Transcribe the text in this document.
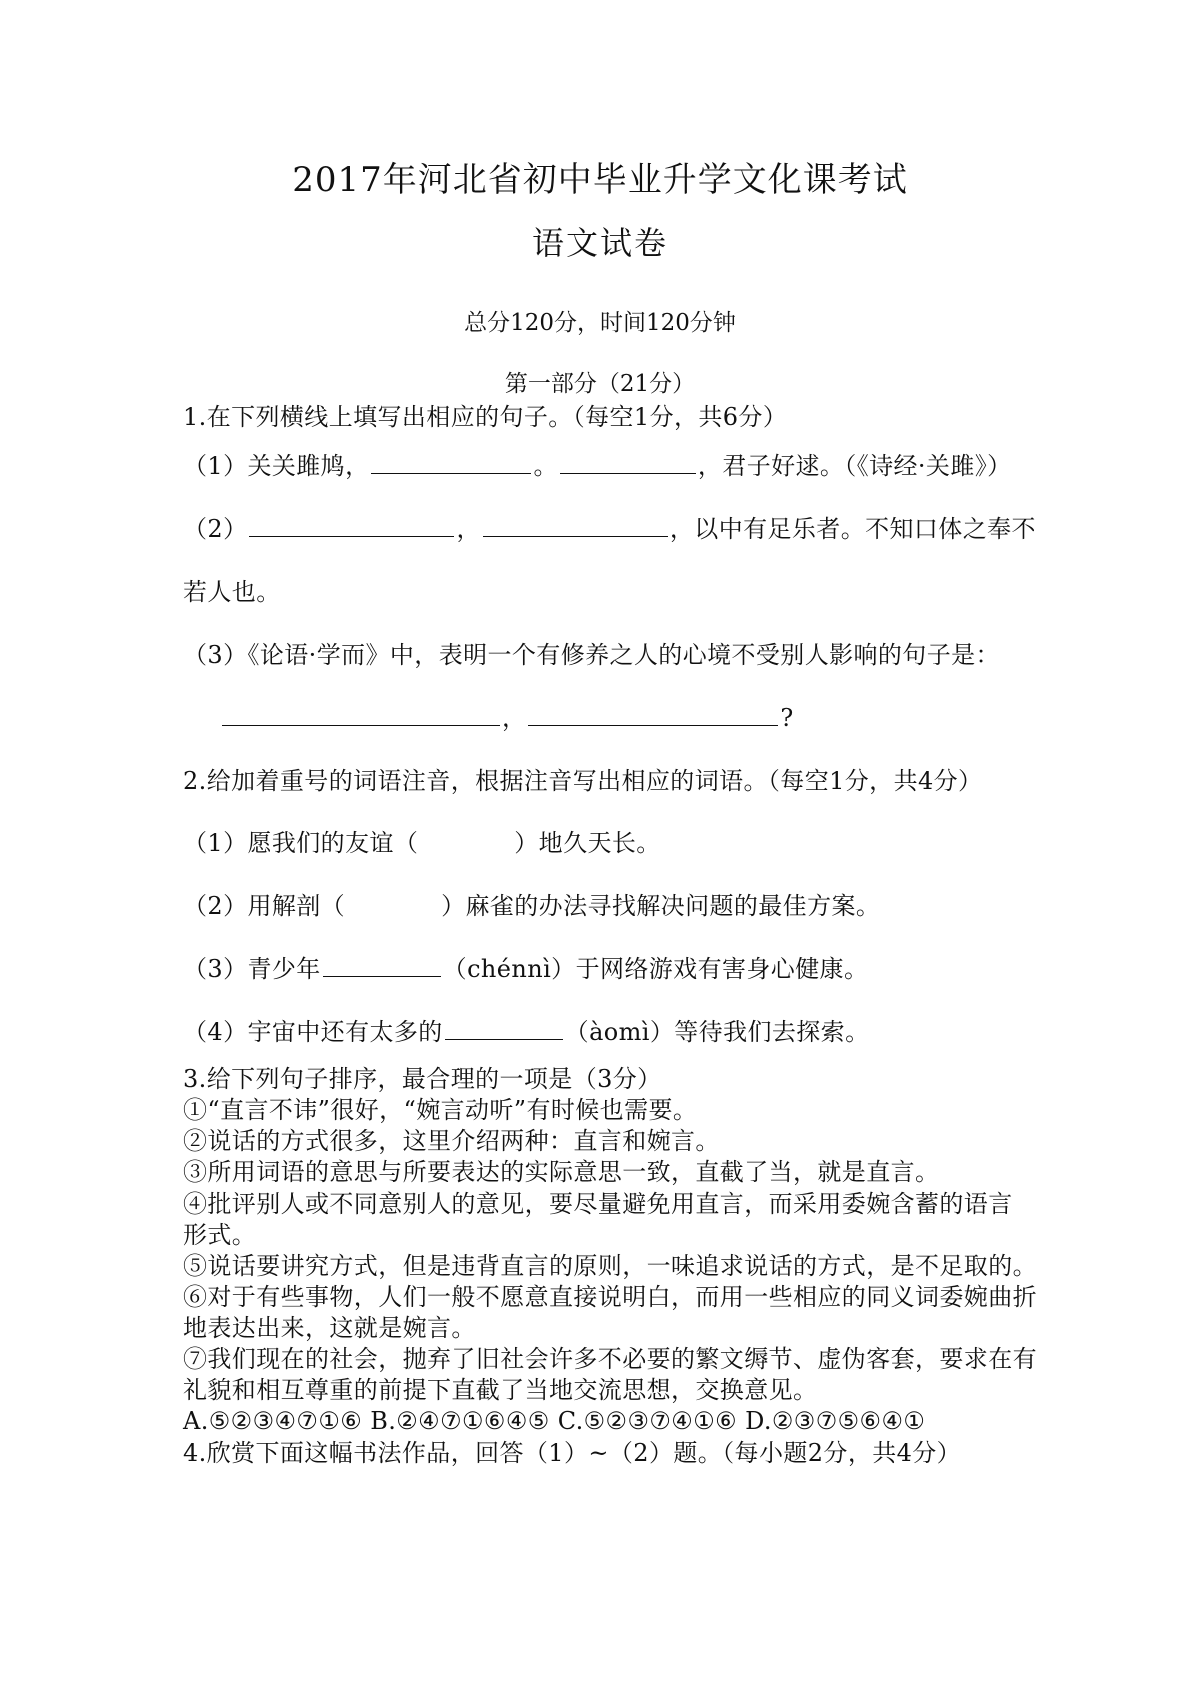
2017年河北省初中毕业升学文化课考试
语文试卷
总分120分，时间120分钟
第一部分（21分）
1.在下列横线上填写出相应的句子。（每空1分，共6分）
（1）关关雎鸠，	。	，君子好逑。（《诗经·关雎》）
（2）	，	，以中有足乐者。不知口体之奉不
若人也。
（3）《论语·学而》中，表明一个有修养之人的心境不受别人影响的句子是：
，	?
2.给加着重号的词语注音，根据注音写出相应的词语。（每空1分，共4分）
（1）愿我们的友谊（	）地久天长。
（2）用解剖（	）麻雀的办法寻找解决问题的最佳方案。
（3）青少年	（chénnì）于网络游戏有害身心健康。
（4）宇宙中还有太多的	（àomì）等待我们去探索。
3.给下列句子排序，最合理的一项是（3分）
①“直言不讳”很好，“婉言动听”有时候也需要。
②说话的方式很多，这里介绍两种：直言和婉言。
③所用词语的意思与所要表达的实际意思一致，直截了当，就是直言。
④批评别人或不同意别人的意见，要尽量避免用直言，而采用委婉含蓄的语言
形式。
⑤说话要讲究方式，但是违背直言的原则，一味追求说话的方式，是不足取的。
⑥对于有些事物，人们一般不愿意直接说明白，而用一些相应的同义词委婉曲折
地表达出来，这就是婉言。
⑦我们现在的社会，抛弃了旧社会许多不必要的繁文缛节、虚伪客套，要求在有
礼貌和相互尊重的前提下直截了当地交流思想，交换意见。
A.⑤②③④⑦①⑥ B.②④⑦①⑥④⑤ C.⑤②③⑦④①⑥ D.②③⑦⑤⑥④①
4.欣赏下面这幅书法作品，回答（1）~（2）题。（每小题2分，共4分）
